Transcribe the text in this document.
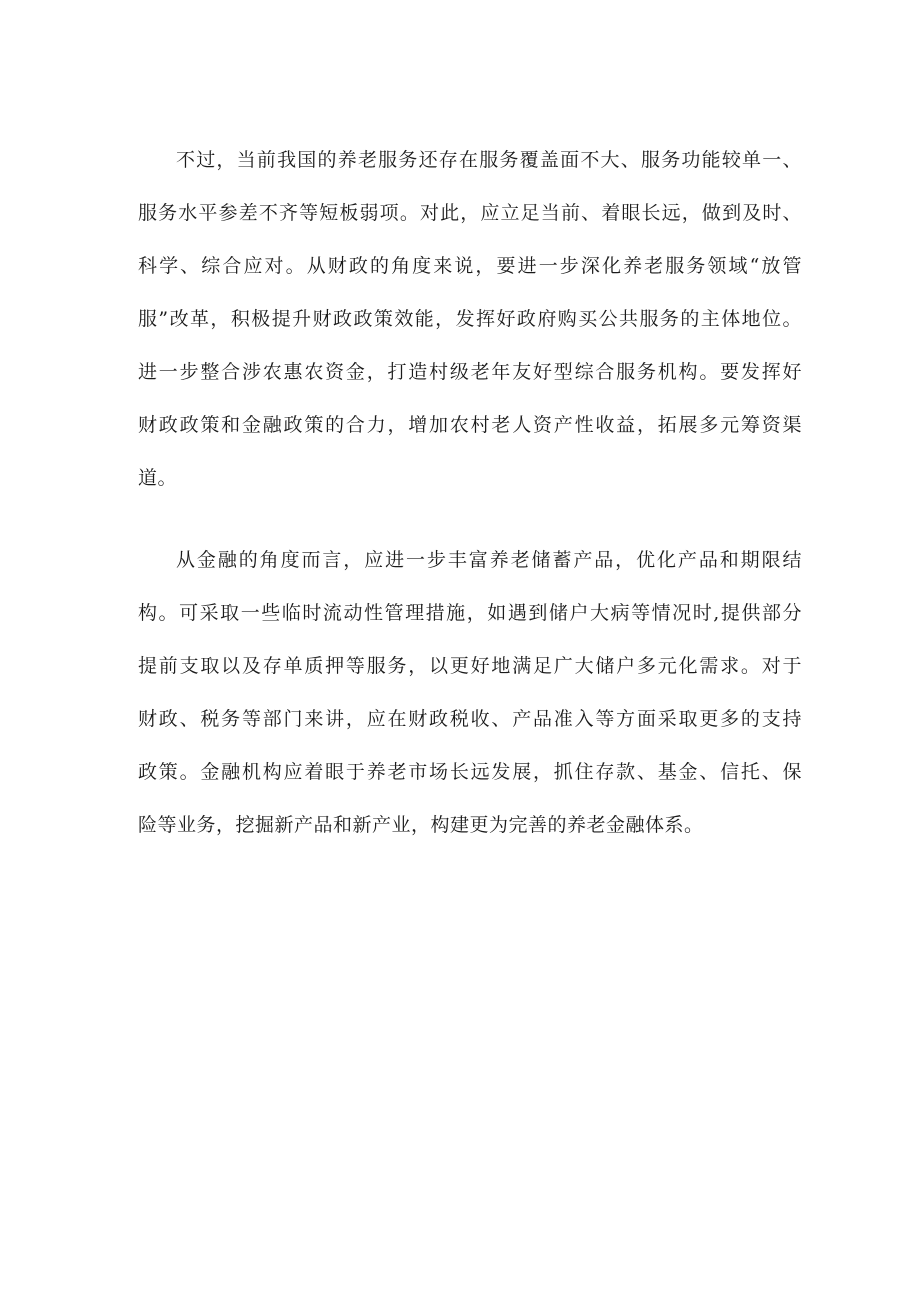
不过，当前我国的养老服务还存在服务覆盖面不大、服务功能较单一、
服务水平参差不齐等短板弱项。对此，应立足当前、着眼长远，做到及时、
科学、综合应对。从财政的角度来说，要进一步深化养老服务领域“放管
服”改革，积极提升财政政策效能，发挥好政府购买公共服务的主体地位。
进一步整合涉农惠农资金，打造村级老年友好型综合服务机构。要发挥好
财政政策和金融政策的合力，增加农村老人资产性收益，拓展多元筹资渠
道。

从金融的角度而言，应进一步丰富养老储蓄产品，优化产品和期限结
构。可采取一些临时流动性管理措施，如遇到储户大病等情况时,提供部分
提前支取以及存单质押等服务，以更好地满足广大储户多元化需求。对于
财政、税务等部门来讲，应在财政税收、产品准入等方面采取更多的支持
政策。金融机构应着眼于养老市场长远发展，抓住存款、基金、信托、保
险等业务，挖掘新产品和新产业，构建更为完善的养老金融体系。
